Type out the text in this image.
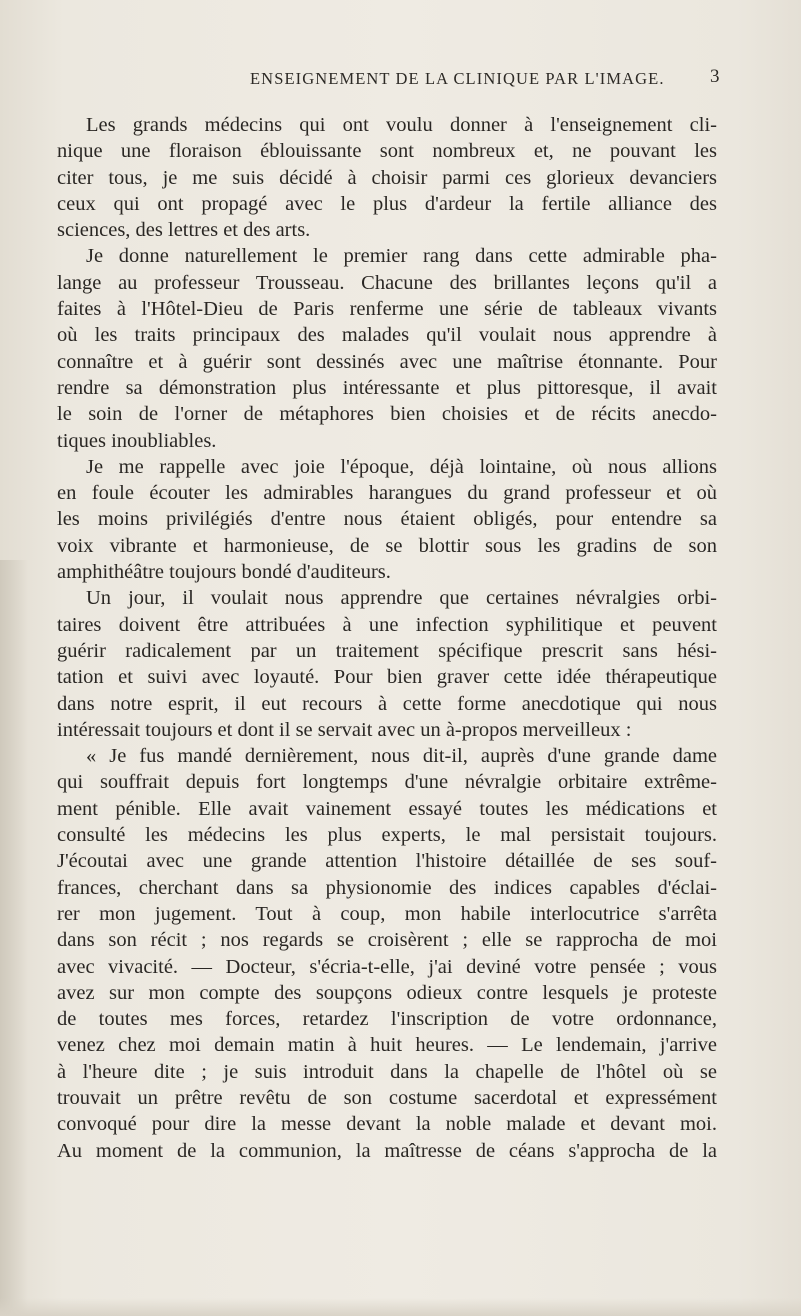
ENSEIGNEMENT DE LA CLINIQUE PAR L'IMAGE. 3
Les grands médecins qui ont voulu donner à l'enseignement cli-
nique une floraison éblouissante sont nombreux et, ne pouvant les
citer tous, je me suis décidé à choisir parmi ces glorieux devanciers
ceux qui ont propagé avec le plus d'ardeur la fertile alliance des
sciences, des lettres et des arts.
Je donne naturellement le premier rang dans cette admirable pha-
lange au professeur Trousseau. Chacune des brillantes leçons qu'il a
faites à l'Hôtel-Dieu de Paris renferme une série de tableaux vivants
où les traits principaux des malades qu'il voulait nous apprendre à
connaître et à guérir sont dessinés avec une maîtrise étonnante. Pour
rendre sa démonstration plus intéressante et plus pittoresque, il avait
le soin de l'orner de métaphores bien choisies et de récits anecdo-
tiques inoubliables.
Je me rappelle avec joie l'époque, déjà lointaine, où nous allions
en foule écouter les admirables harangues du grand professeur et où
les moins privilégiés d'entre nous étaient obligés, pour entendre sa
voix vibrante et harmonieuse, de se blottir sous les gradins de son
amphithéâtre toujours bondé d'auditeurs.
Un jour, il voulait nous apprendre que certaines névralgies orbi-
taires doivent être attribuées à une infection syphilitique et peuvent
guérir radicalement par un traitement spécifique prescrit sans hési-
tation et suivi avec loyauté. Pour bien graver cette idée thérapeutique
dans notre esprit, il eut recours à cette forme anecdotique qui nous
intéressait toujours et dont il se servait avec un à-propos merveilleux :
« Je fus mandé dernièrement, nous dit-il, auprès d'une grande dame
qui souffrait depuis fort longtemps d'une névralgie orbitaire extrême-
ment pénible. Elle avait vainement essayé toutes les médications et
consulté les médecins les plus experts, le mal persistait toujours.
J'écoutai avec une grande attention l'histoire détaillée de ses souf-
frances, cherchant dans sa physionomie des indices capables d'éclai-
rer mon jugement. Tout à coup, mon habile interlocutrice s'arrêta
dans son récit ; nos regards se croisèrent ; elle se rapprocha de moi
avec vivacité. — Docteur, s'écria-t-elle, j'ai deviné votre pensée ; vous
avez sur mon compte des soupçons odieux contre lesquels je proteste
de toutes mes forces, retardez l'inscription de votre ordonnance,
venez chez moi demain matin à huit heures. — Le lendemain, j'arrive
à l'heure dite ; je suis introduit dans la chapelle de l'hôtel où se
trouvait un prêtre revêtu de son costume sacerdotal et expressément
convoqué pour dire la messe devant la noble malade et devant moi.
Au moment de la communion, la maîtresse de céans s'approcha de la
